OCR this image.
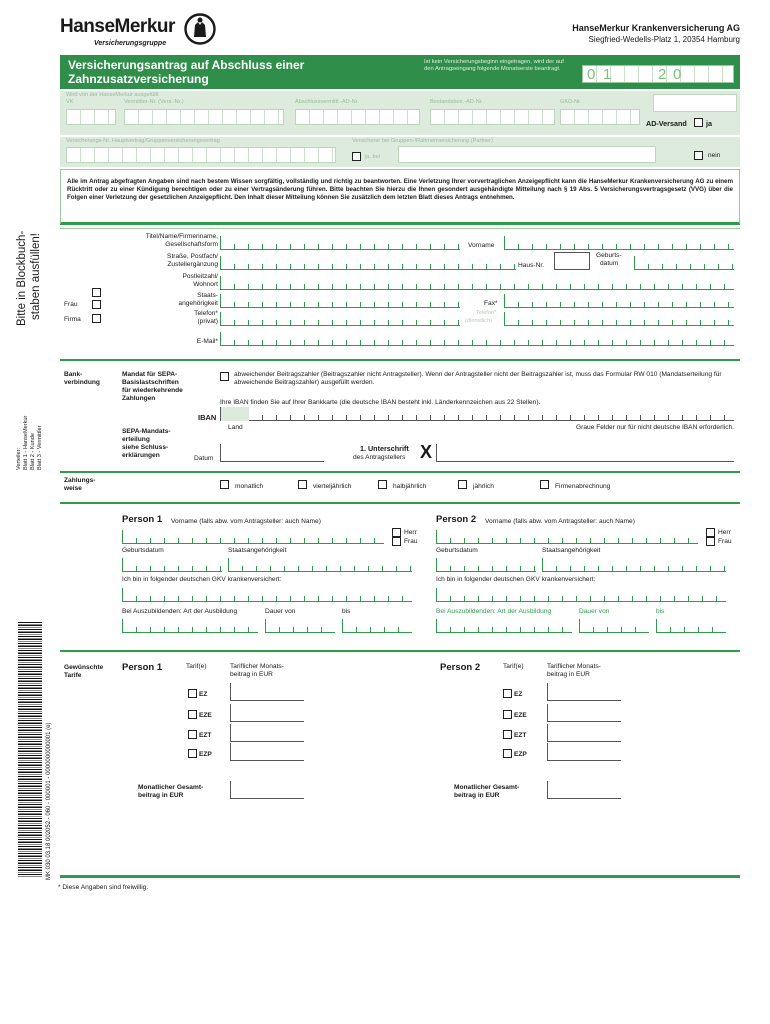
HanseMerkur
Versicherungsgruppe
HanseMerkur Krankenversicherung AG
Siegfried-Wedells-Platz 1, 20354 Hamburg
Versicherungsantrag auf Abschluss einer
Zahnzusatzversicherung
Ist kein Versicherungsbeginn eingetragen, wird der auf den Antragseingang folgende Monatserste beantragt.	0 1	2 0
Wird von der HanseMerkur ausgefüllt
VK	Vermittler-Nr. (Vers.-Nr.)	Abschlussvermittl.-AD-Nr.	Bestandsbetr.-AD-Nr.	GKD-Nr.
AD-Versand	ja
Versicherungs-Nr. Hauptvertrag/Gruppenversicherungsvertrag	Versicherer bei Gruppen-/Rahmenversicherung (Partner)
ja, bei	nein
Alle im Antrag abgefragten Angaben sind nach bestem Wissen sorgfältig, vollständig und richtig zu beantworten. Eine Verletzung Ihrer vorvertraglichen Anzeigepflicht kann die HanseMerkur Krankenversicherung AG zu einem Rücktritt oder zu einer Kündigung berechtigen oder zu einer Vertragsänderung führen. Bitte beachten Sie hierzu die Ihnen gesondert ausgehändigte Mitteilung nach § 19 Abs. 5 Versicherungsvertragsgesetz (VVG) über die Folgen einer Verletzung der gesetzlichen Anzeigepflicht. Den Inhalt dieser Mitteilung können Sie zusätzlich dem letzten Blatt dieses Antrags entnehmen.
Bitte in Blockbuch- staben ausfüllen!
Verteiler: Blatt 1 - HanseMerkur Blatt 2 - Kunde Blatt 3 - Vermittler
MK 030 03.18 002052 - 060 - 000001 - 0000000000001 (e)
Frau
Firma
Titel/Name/Firmenname,
Gesellschaftsform	Vorname
Straße, Postfach/
Zustellergänzung	Haus-Nr.
Geburts-
datum
Postleitzahl/
Wohnort
Staats-
angehörigkeit	Fax*
Telefon*
(privat)
Telefon*
(dienstlich)
E-Mail*
Bank-
verbindung
Mandat für SEPA-
Basislastschriften
für wiederkehrende
Zahlungen
abweichender Beitragszahler (Beitragszahler nicht Antragsteller). Wenn der Antragsteller nicht der Beitragszahler ist, muss das Formular RW 010 (Mandatserteilung für abweichende Beitragszahler) ausgefüllt werden.
Ihre IBAN finden Sie auf Ihrer Bankkarte (die deutsche IBAN besteht inkl. Länderkennzeichen aus 22 Stellen).
IBAN
Land	Graue Felder nur für nicht deutsche IBAN erforderlich.
SEPA-Mandats-
erteilung
siehe Schluss-
erklärungen	Datum
1. Unterschrift
des Antragstellers X
Zahlungs-
weise	monatlich	vierteljährlich	halbjährlich	jährlich	Firmenabrechnung
Person 1 Vorname (falls abw. vom Antragsteller: auch Name)
Herr
Frau
Geburtsdatum	Staatsangehörigkeit
Ich bin in folgender deutschen GKV krankenversichert:
Bei Auszubildenden: Art der Ausbildung	Dauer von	bis
Person 2 Vorname (falls abw. vom Antragsteller: auch Name)
Herr
Frau
Geburtsdatum	Staatsangehörigkeit
Ich bin in folgender deutschen GKV krankenversichert:
Bei Auszubildenden: Art der Ausbildung	Dauer von	bis
Gewünschte
Tarife
Person 1	Tarif(e)	Tariflicher Monats-
beitrag in EUR
EZ
EZE
EZT
EZP
Monatlicher Gesamt-
beitrag in EUR
Person 2	Tarif(e)	Tariflicher Monats-
beitrag in EUR
EZ
EZE
EZT
EZP
Monatlicher Gesamt-
beitrag in EUR
* Diese Angaben sind freiwillig.
